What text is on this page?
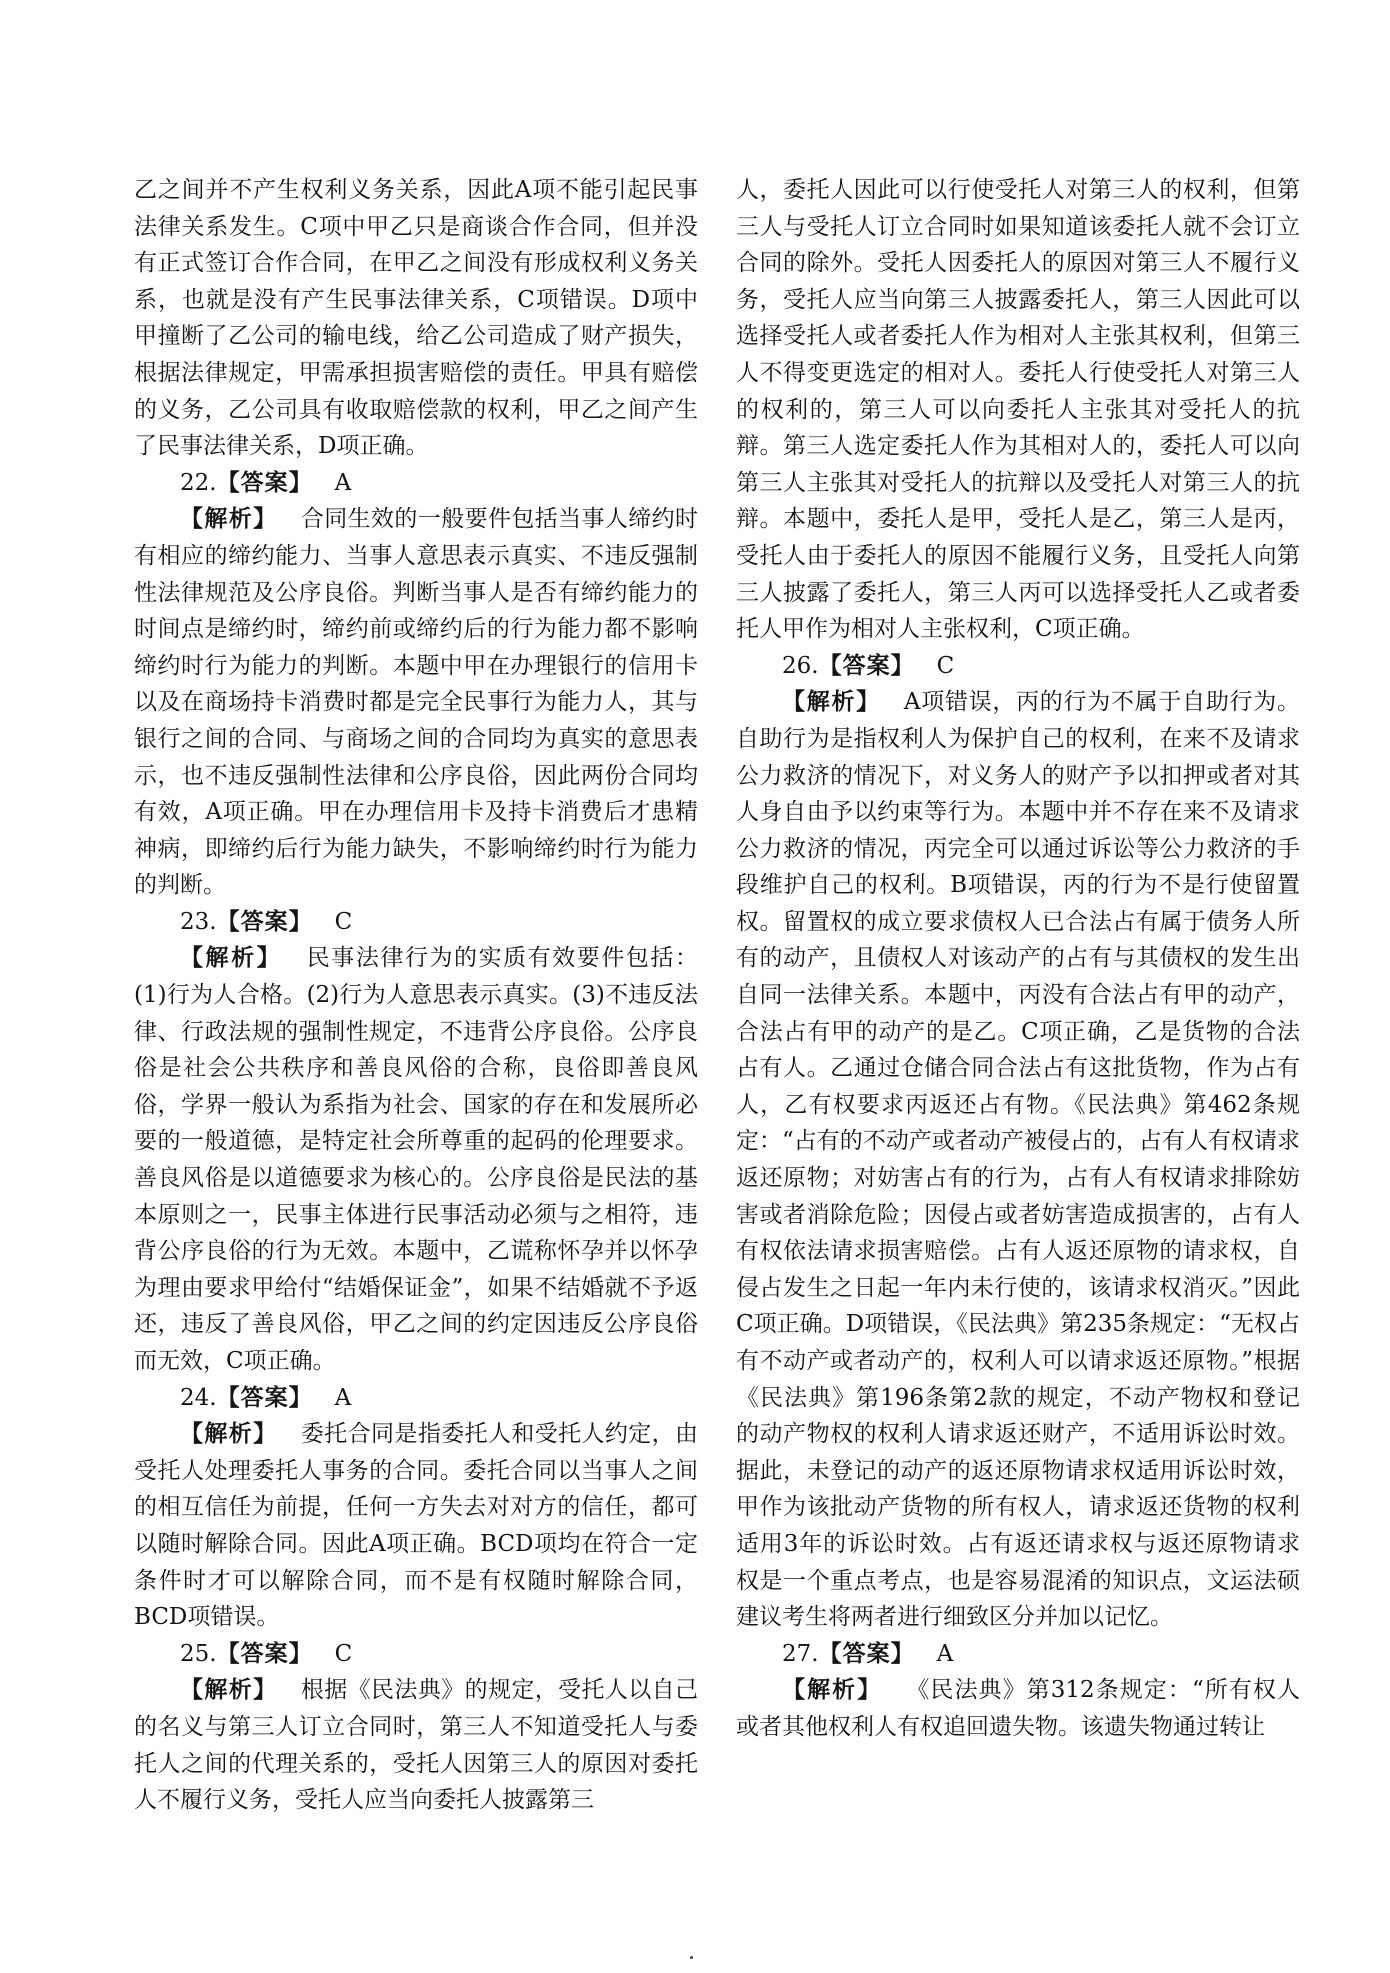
乙之间并不产生权利义务关系，因此A项不能引起民事法律关系发生。C项中甲乙只是商谈合作合同，但并没有正式签订合作合同，在甲乙之间没有形成权利义务关系，也就是没有产生民事法律关系，C项错误。D项中甲撞断了乙公司的输电线，给乙公司造成了财产损失，根据法律规定，甲需承担损害赔偿的责任。甲具有赔偿的义务，乙公司具有收取赔偿款的权利，甲乙之间产生了民事法律关系，D项正确。

22.【答案】 A

【解析】  合同生效的一般要件包括当事人缔约时有相应的缔约能力、当事人意思表示真实、不违反强制性法律规范及公序良俗。判断当事人是否有缔约能力的时间点是缔约时，缔约前或缔约后的行为能力都不影响缔约时行为能力的判断。本题中甲在办理银行的信用卡以及在商场持卡消费时都是完全民事行为能力人，其与银行之间的合同、与商场之间的合同均为真实的意思表示，也不违反强制性法律和公序良俗，因此两份合同均有效，A项正确。甲在办理信用卡及持卡消费后才患精神病，即缔约后行为能力缺失，不影响缔约时行为能力的判断。

23.【答案】 C

【解析】  民事法律行为的实质有效要件包括：(1)行为人合格。(2)行为人意思表示真实。(3)不违反法律、行政法规的强制性规定，不违背公序良俗。公序良俗是社会公共秩序和善良风俗的合称，良俗即善良风俗，学界一般认为系指为社会、国家的存在和发展所必要的一般道德，是特定社会所尊重的起码的伦理要求。善良风俗是以道德要求为核心的。公序良俗是民法的基本原则之一，民事主体进行民事活动必须与之相符，违背公序良俗的行为无效。本题中，乙谎称怀孕并以怀孕为理由要求甲给付“结婚保证金”，如果不结婚就不予返还，违反了善良风俗，甲乙之间的约定因违反公序良俗而无效，C项正确。

24.【答案】 A

【解析】  委托合同是指委托人和受托人约定，由受托人处理委托人事务的合同。委托合同以当事人之间的相互信任为前提，任何一方失去对对方的信任，都可以随时解除合同。因此A项正确。BCD项均在符合一定条件时才可以解除合同，而不是有权随时解除合同，BCD项错误。

25.【答案】 C

【解析】  根据《民法典》的规定，受托人以自己的名义与第三人订立合同时，第三人不知道受托人与委托人之间的代理关系的，受托人因第三人的原因对委托人不履行义务，受托人应当向委托人披露第三

人，委托人因此可以行使受托人对第三人的权利，但第三人与受托人订立合同时如果知道该委托人就不会订立合同的除外。受托人因委托人的原因对第三人不履行义务，受托人应当向第三人披露委托人，第三人因此可以选择受托人或者委托人作为相对人主张其权利，但第三人不得变更选定的相对人。委托人行使受托人对第三人的权利的，第三人可以向委托人主张其对受托人的抗辩。第三人选定委托人作为其相对人的，委托人可以向第三人主张其对受托人的抗辩以及受托人对第三人的抗辩。本题中，委托人是甲，受托人是乙，第三人是丙，受托人由于委托人的原因不能履行义务，且受托人向第三人披露了委托人，第三人丙可以选择受托人乙或者委托人甲作为相对人主张权利，C项正确。

26.【答案】 C

【解析】  A项错误，丙的行为不属于自助行为。自助行为是指权利人为保护自己的权利，在来不及请求公力救济的情况下，对义务人的财产予以扣押或者对其人身自由予以约束等行为。本题中并不存在来不及请求公力救济的情况，丙完全可以通过诉讼等公力救济的手段维护自己的权利。B项错误，丙的行为不是行使留置权。留置权的成立要求债权人已合法占有属于债务人所有的动产，且债权人对该动产的占有与其债权的发生出自同一法律关系。本题中，丙没有合法占有甲的动产，合法占有甲的动产的是乙。C项正确，乙是货物的合法占有人。乙通过仓储合同合法占有这批货物，作为占有人，乙有权要求丙返还占有物。《民法典》第462条规定：“占有的不动产或者动产被侵占的，占有人有权请求返还原物；对妨害占有的行为，占有人有权请求排除妨害或者消除危险；因侵占或者妨害造成损害的，占有人有权依法请求损害赔偿。占有人返还原物的请求权，自侵占发生之日起一年内未行使的，该请求权消灭。”因此C项正确。D项错误，《民法典》第235条规定：“无权占有不动产或者动产的，权利人可以请求返还原物。”根据《民法典》第196条第2款的规定，不动产物权和登记的动产物权的权利人请求返还财产，不适用诉讼时效。据此，未登记的动产的返还原物请求权适用诉讼时效，甲作为该批动产货物的所有权人，请求返还货物的权利适用3年的诉讼时效。占有返还请求权与返还原物请求权是一个重点考点，也是容易混淆的知识点，文运法硕建议考生将两者进行细致区分并加以记忆。

27.【答案】 A

【解析】  《民法典》第312条规定：“所有权人或者其他权利人有权追回遗失物。该遗失物通过转让
